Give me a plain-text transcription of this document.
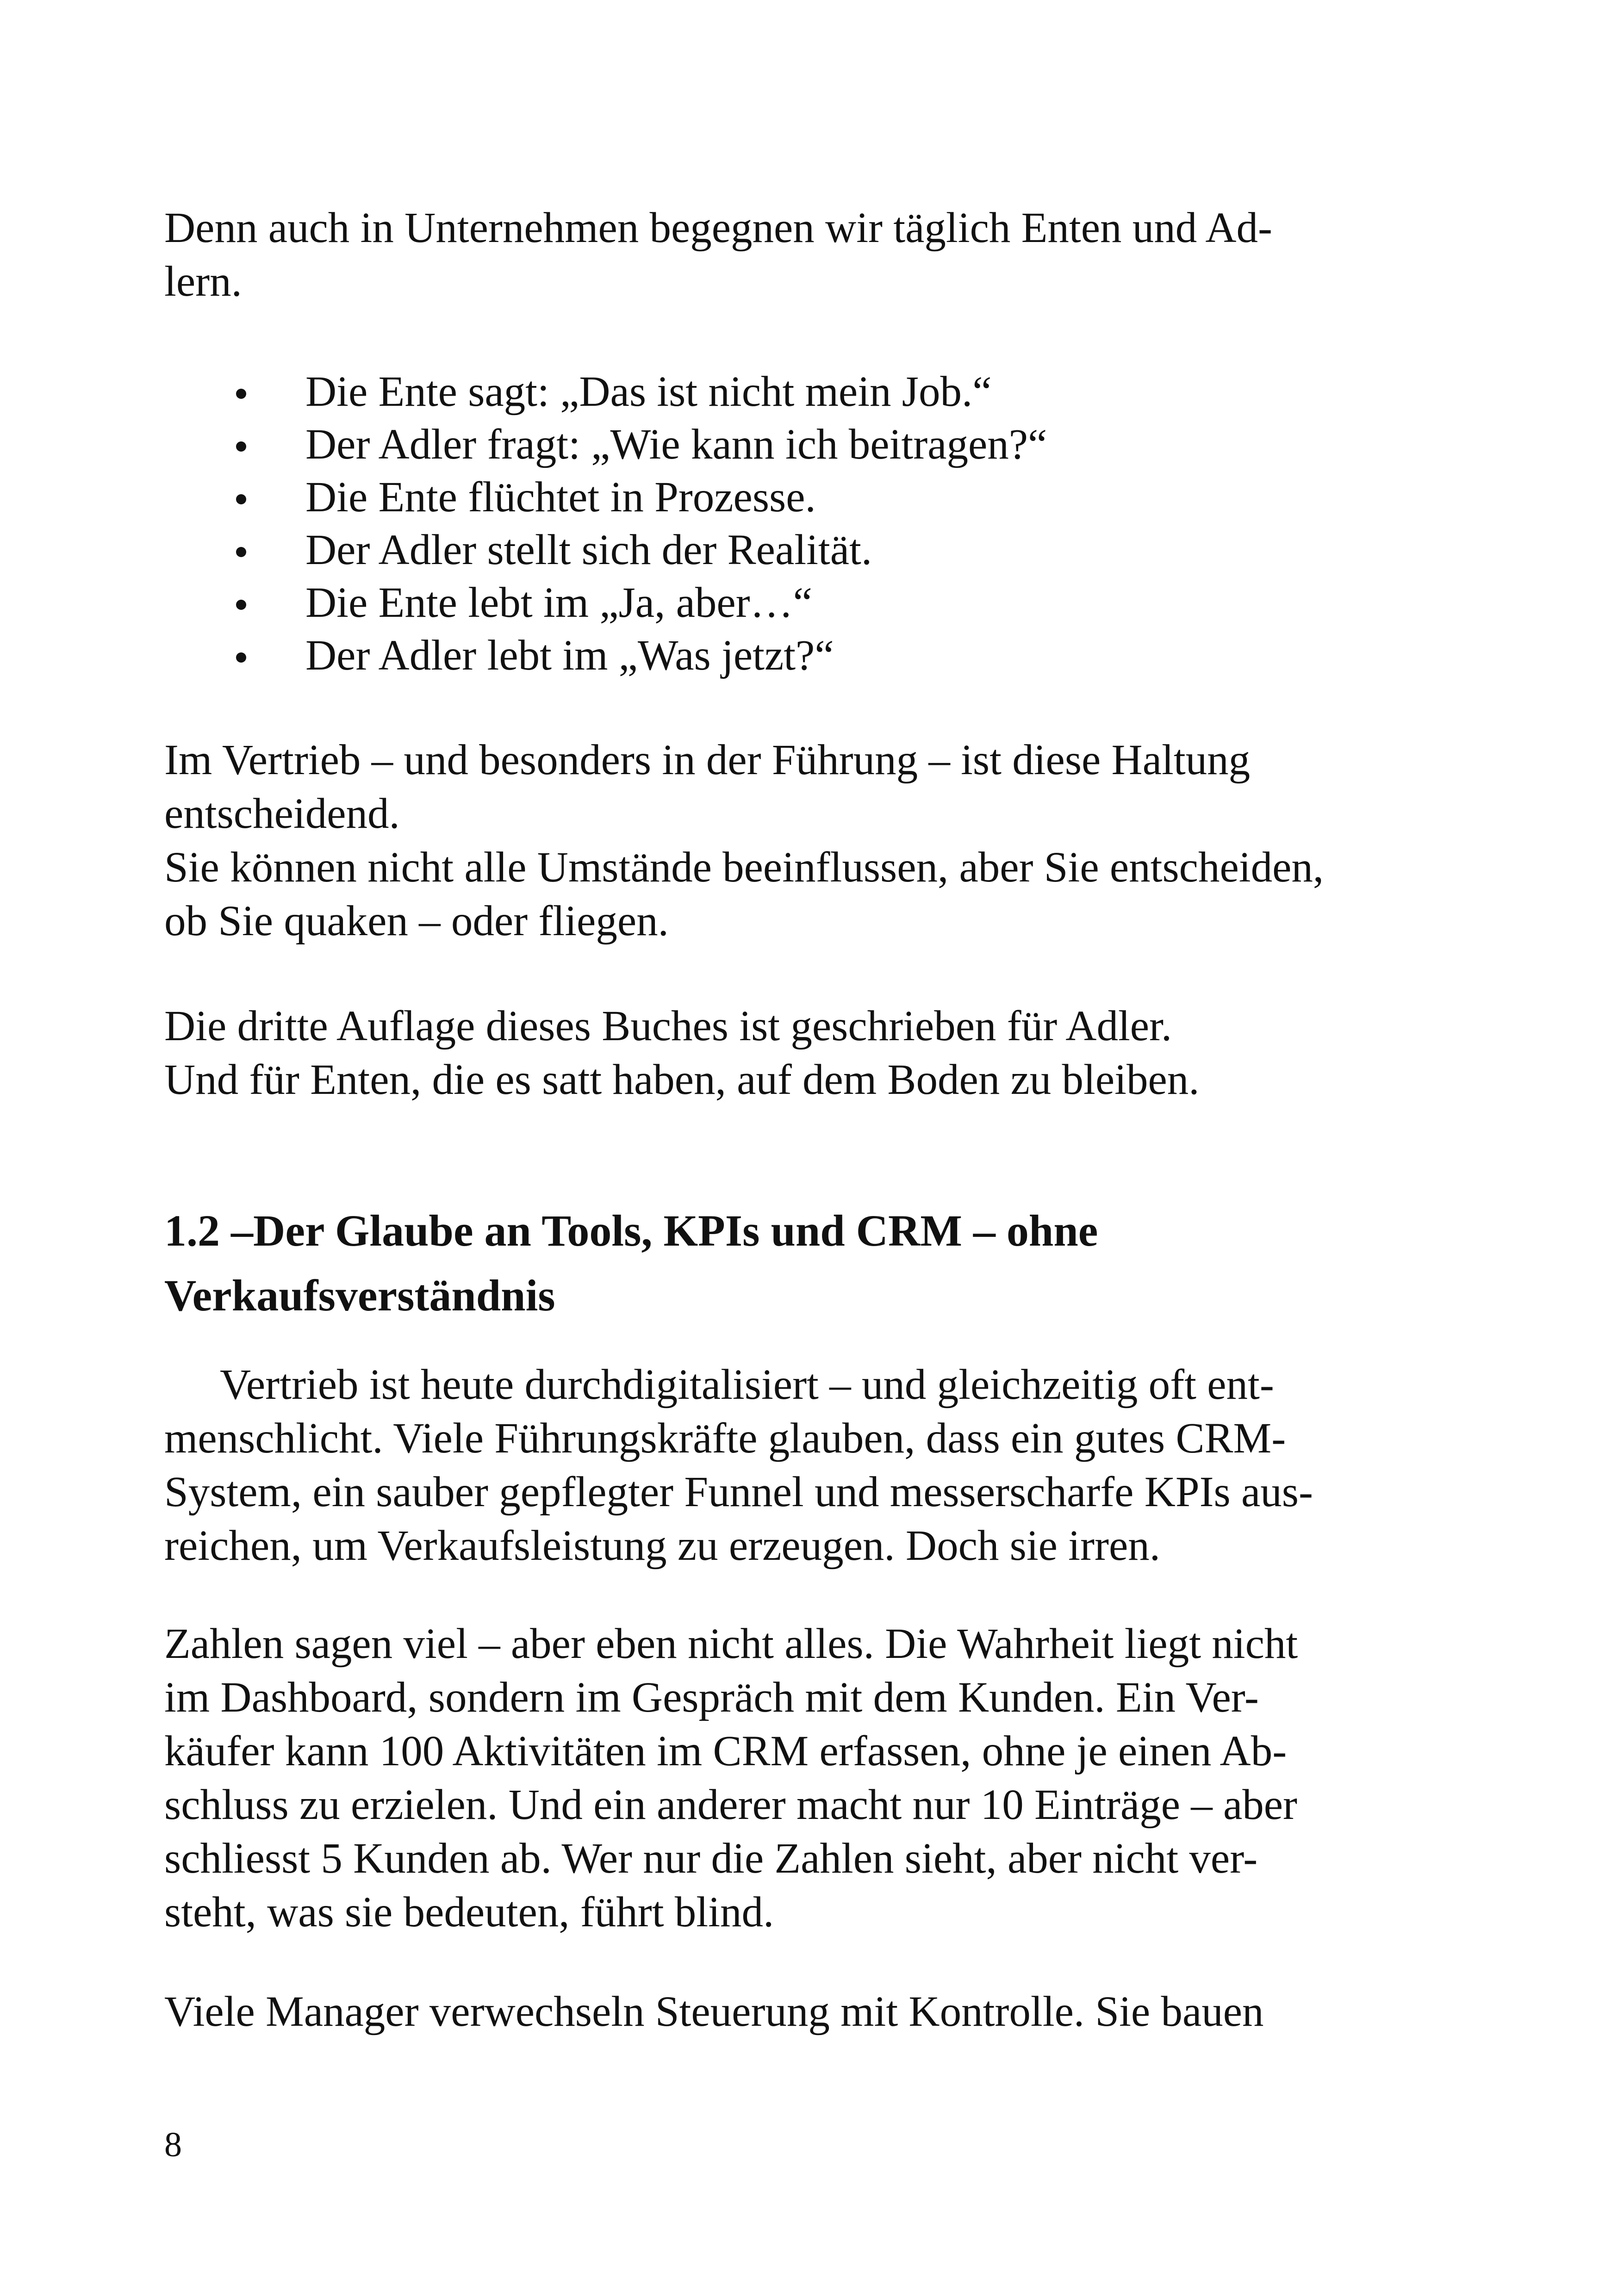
Denn auch in Unternehmen begegnen wir täglich Enten und Ad-
lern.

Die Ente sagt: „Das ist nicht mein Job.“
Der Adler fragt: „Wie kann ich beitragen?“
Die Ente flüchtet in Prozesse.
Der Adler stellt sich der Realität.
Die Ente lebt im „Ja, aber…“
Der Adler lebt im „Was jetzt?“

Im Vertrieb – und besonders in der Führung – ist diese Haltung
entscheidend.
Sie können nicht alle Umstände beeinflussen, aber Sie entscheiden,
ob Sie quaken – oder fliegen.

Die dritte Auflage dieses Buches ist geschrieben für Adler.
Und für Enten, die es satt haben, auf dem Boden zu bleiben.

1.2 –Der Glaube an Tools, KPIs und CRM – ohne
Verkaufsverständnis

Vertrieb ist heute durchdigitalisiert – und gleichzeitig oft ent-
menschlicht. Viele Führungskräfte glauben, dass ein gutes CRM-
System, ein sauber gepflegter Funnel und messerscharfe KPIs aus-
reichen, um Verkaufsleistung zu erzeugen. Doch sie irren.

Zahlen sagen viel – aber eben nicht alles. Die Wahrheit liegt nicht
im Dashboard, sondern im Gespräch mit dem Kunden. Ein Ver-
käufer kann 100 Aktivitäten im CRM erfassen, ohne je einen Ab-
schluss zu erzielen. Und ein anderer macht nur 10 Einträge – aber
schliesst 5 Kunden ab. Wer nur die Zahlen sieht, aber nicht ver-
steht, was sie bedeuten, führt blind.

Viele Manager verwechseln Steuerung mit Kontrolle. Sie bauen

8
